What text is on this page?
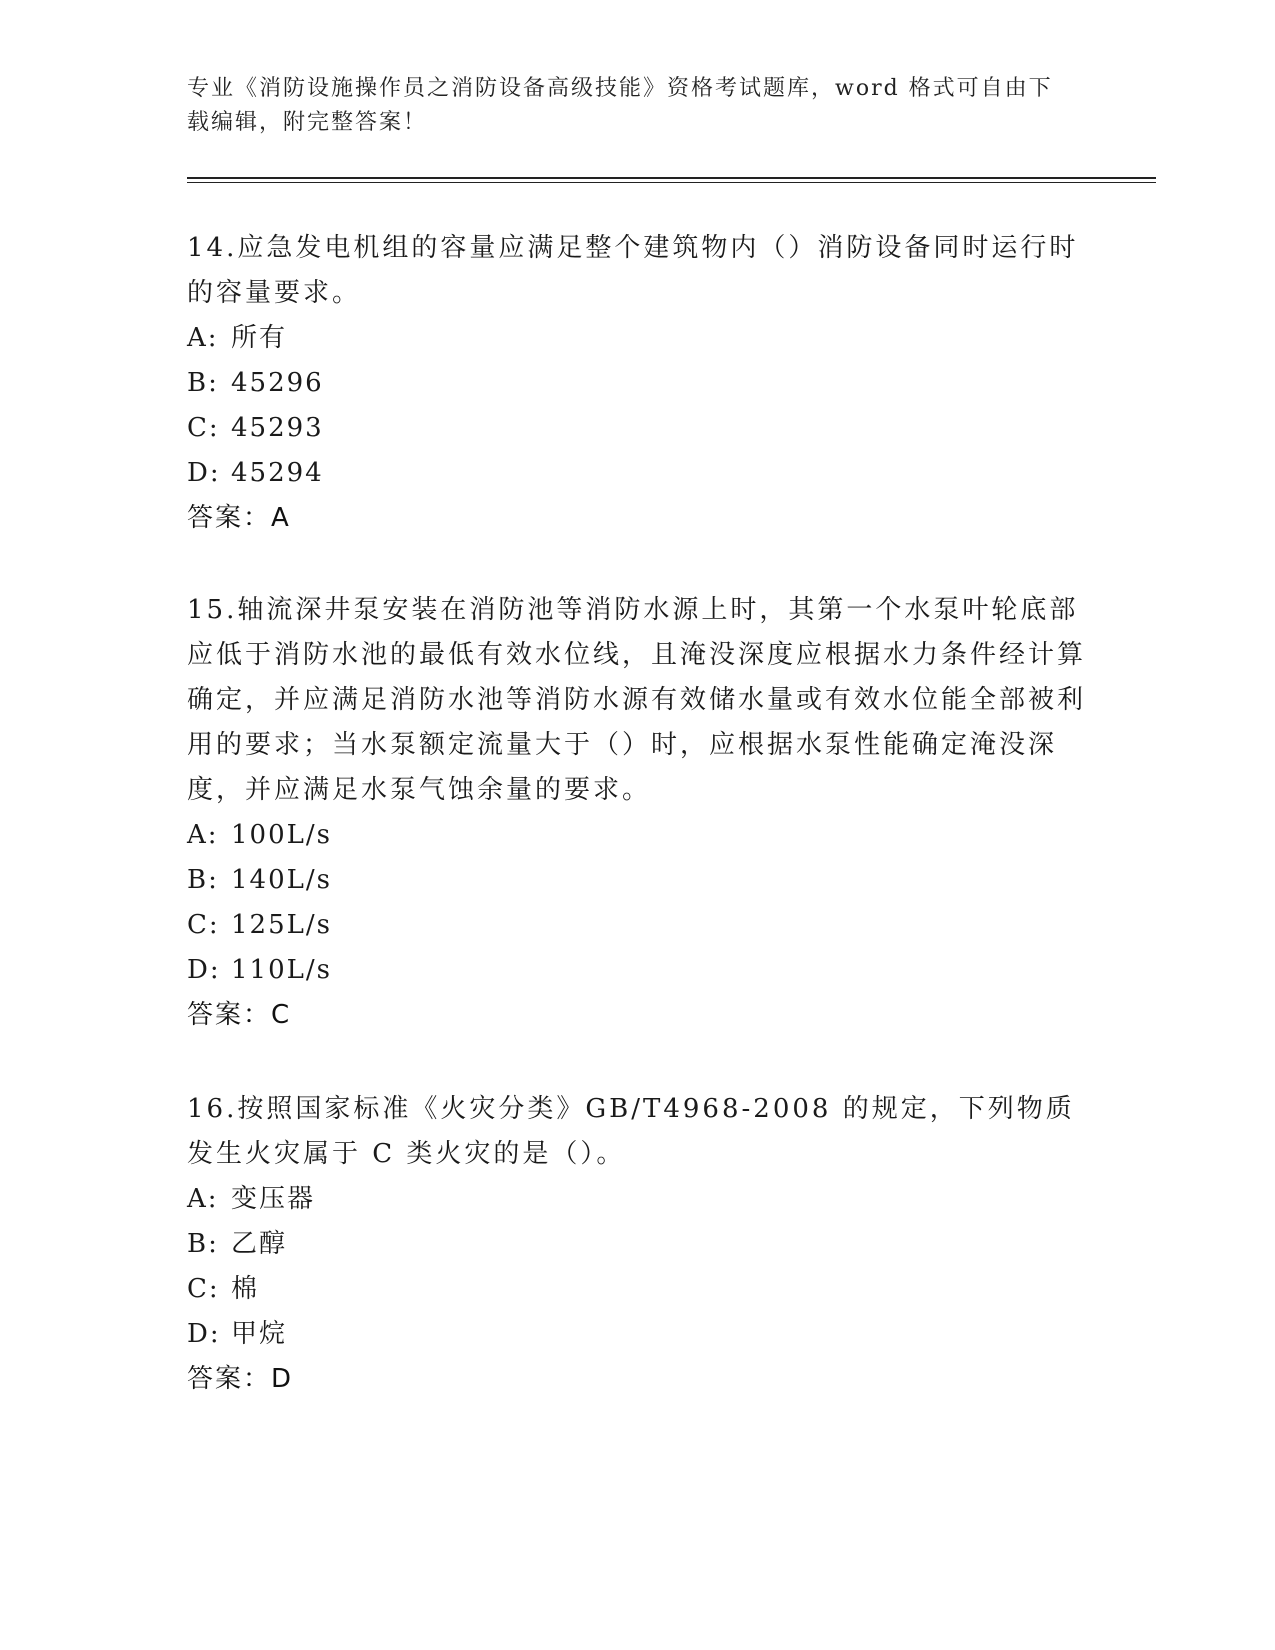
专业《消防设施操作员之消防设备高级技能》资格考试题库，word 格式可自由下载编辑，附完整答案！

14.应急发电机组的容量应满足整个建筑物内（）消防设备同时运行时的容量要求。

A: 所有

B: 45296

C: 45293

D: 45294

答案：A

15.轴流深井泵安装在消防池等消防水源上时，其第一个水泵叶轮底部应低于消防水池的最低有效水位线，且淹没深度应根据水力条件经计算确定，并应满足消防水池等消防水源有效储水量或有效水位能全部被利用的要求；当水泵额定流量大于（）时，应根据水泵性能确定淹没深度，并应满足水泵气蚀余量的要求。

A: 100L/s

B: 140L/s

C: 125L/s

D: 110L/s

答案：C

16.按照国家标准《火灾分类》GB/T4968-2008 的规定，下列物质发生火灾属于 C 类火灾的是（）。

A: 变压器

B: 乙醇

C: 棉

D: 甲烷

答案：D
